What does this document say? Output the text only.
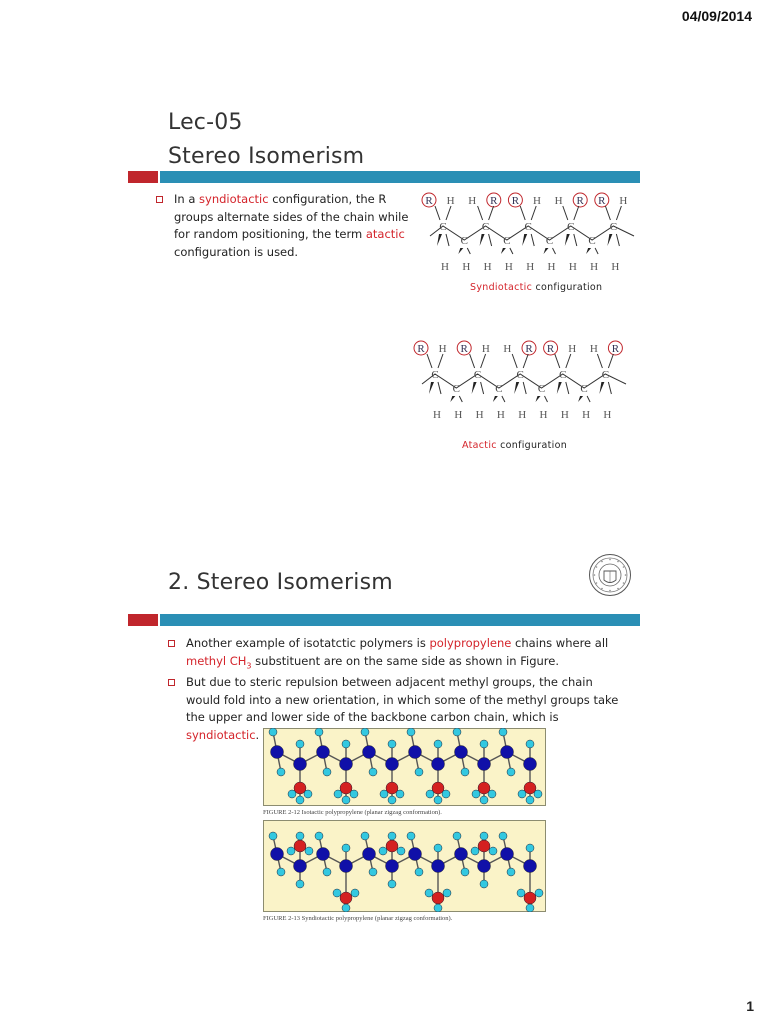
04/09/2014
Lec-05
Stereo Isomerism
In a syndiotactic configuration, the R groups alternate sides of the chain while for random positioning, the term atactic configuration is used.
R H H R R H H R R H
C
C
C
C
C
C
C
C
C
H H H H H H H H H
Syndiotactic configuration
R H R H H R R H H R
C
C
C
C
C
C
C
C
C
H H H H H H H H H
Atactic configuration
2. Stereo Isomerism
Another example of isotatctic polymers is polypropylene chains where all methyl $CH_3$ substituent are on the same side as shown in Figure.
But due to steric repulsion between adjacent methyl groups, the chain would fold into a new orientation, in which some of the methyl groups take the upper and lower side of the backbone carbon chain, which is syndiotactic.
FIGURE 2-12 Isotactic polypropylene (planar zigzag conformation).
FIGURE 2-13 Syndiotactic polypropylene (planar zigzag conformation).
1
